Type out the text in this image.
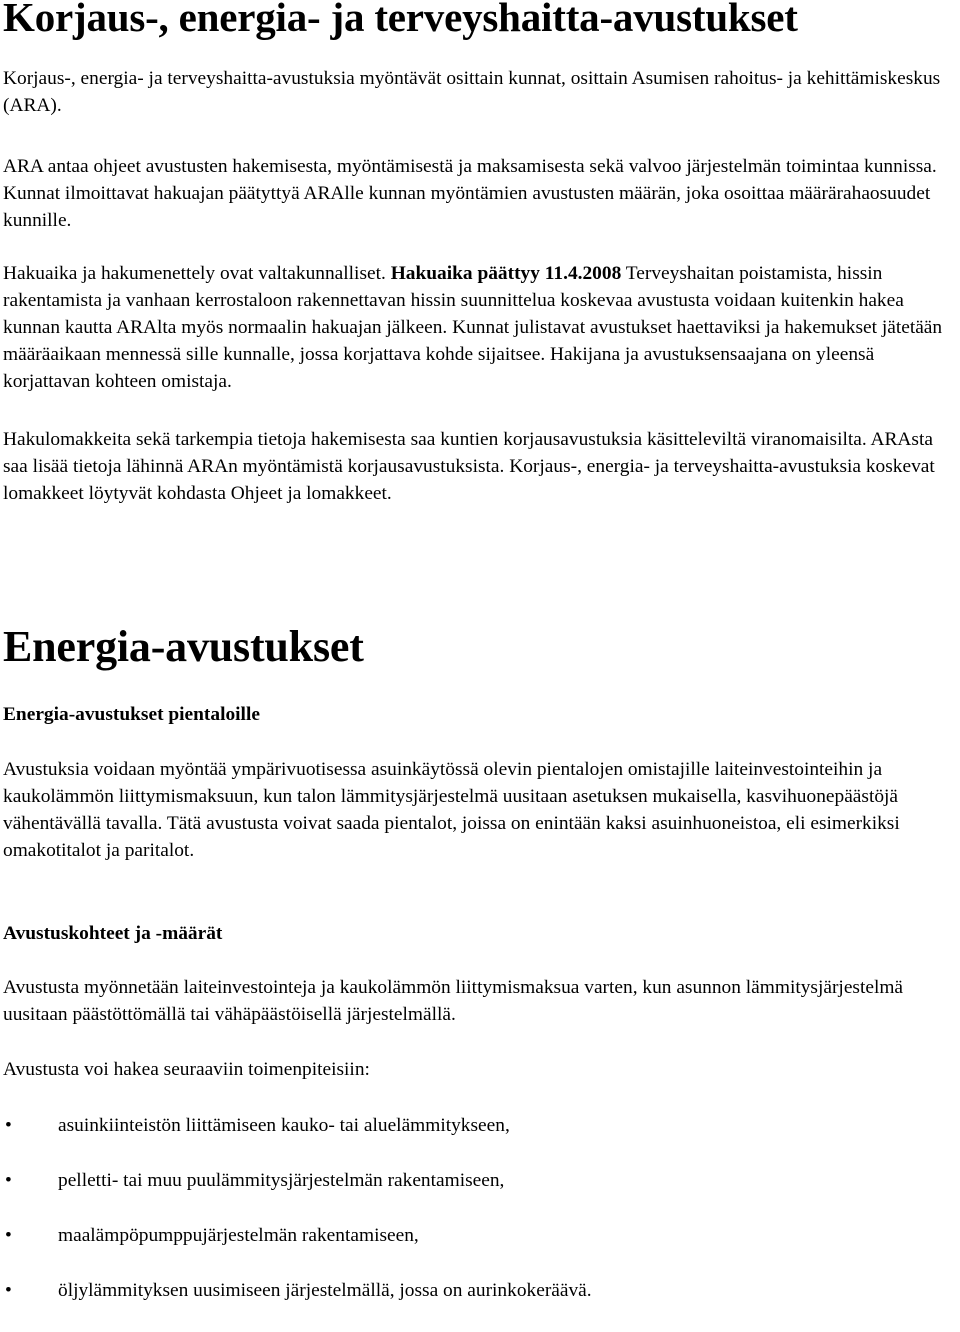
Korjaus-, energia- ja terveyshaitta-avustukset

Korjaus-, energia- ja terveyshaitta-avustuksia myöntävät osittain kunnat, osittain Asumisen rahoitus- ja kehittämiskeskus (ARA).

ARA antaa ohjeet avustusten hakemisesta, myöntämisestä ja maksamisesta sekä valvoo järjestelmän toimintaa kunnissa. Kunnat ilmoittavat hakuajan päätyttyä ARAlle kunnan myöntämien avustusten määrän, joka osoittaa määrärahaosuudet kunnille.

Hakuaika ja hakumenettely ovat valtakunnalliset. Hakuaika päättyy 11.4.2008 Terveyshaitan poistamista, hissin rakentamista ja vanhaan kerrostaloon rakennettavan hissin suunnittelua koskevaa avustusta voidaan kuitenkin hakea kunnan kautta ARAlta myös normaalin hakuajan jälkeen. Kunnat julistavat avustukset haettaviksi ja hakemukset jätetään määräaikaan mennessä sille kunnalle, jossa korjattava kohde sijaitsee. Hakijana ja avustuksensaajana on yleensä korjattavan kohteen omistaja.

Hakulomakkeita sekä tarkempia tietoja hakemisesta saa kuntien korjausavustuksia käsitteleviltä viranomaisilta. ARAsta saa lisää tietoja lähinnä ARAn myöntämistä korjausavustuksista. Korjaus-, energia- ja terveyshaitta-avustuksia koskevat lomakkeet löytyvät kohdasta Ohjeet ja lomakkeet.

Energia-avustukset

Energia-avustukset pientaloille

Avustuksia voidaan myöntää ympärivuotisessa asuinkäytössä olevin pientalojen omistajille laiteinvestointeihin ja kaukolämmön liittymismaksuun, kun talon lämmitysjärjestelmä uusitaan asetuksen mukaisella, kasvihuonepäästöjä vähentävällä tavalla. Tätä avustusta voivat saada pientalot, joissa on enintään kaksi asuinhuoneistoa, eli esimerkiksi omakotitalot ja paritalot.

Avustuskohteet ja -määrät

Avustusta myönnetään laiteinvestointeja ja kaukolämmön liittymismaksua varten, kun asunnon lämmitysjärjestelmä uusitaan päästöttömällä tai vähäpäästöisellä järjestelmällä.

Avustusta voi hakea seuraaviin toimenpiteisiin:

•	asuinkiinteistön liittämiseen kauko- tai aluelämmitykseen,
•	pelletti- tai muu puulämmitysjärjestelmän rakentamiseen,
•	maalämpöpumppujärjestelmän rakentamiseen,
•	öljylämmityksen uusimiseen järjestelmällä, jossa on aurinkokeräävä.
